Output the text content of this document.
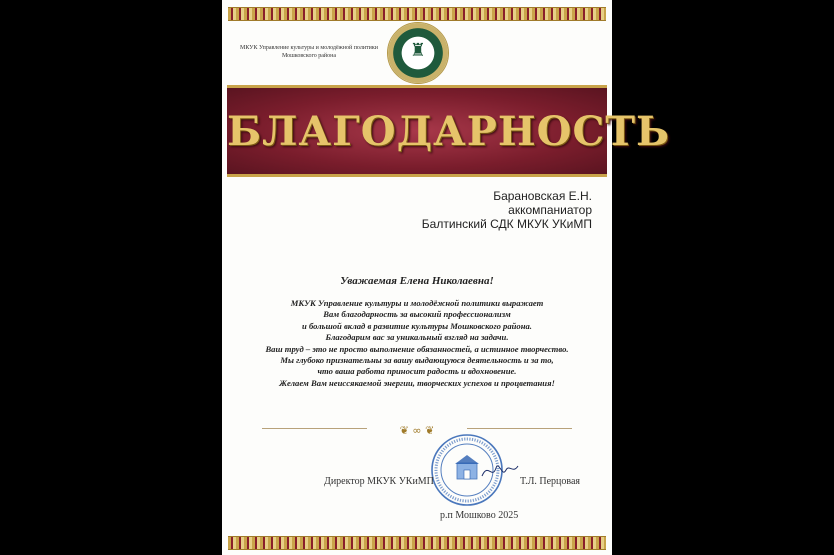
МКУК Управление культуры и молодёжной политики
Мошковского района	♜
БЛАГОДАРНОСТЬ
Барановская Е.Н.
аккомпаниатор
Балтинский СДК МКУК УКиМП
Уважаемая Елена Николаевна!
МКУК Управление культуры и молодёжной политики выражает
Вам благодарность за высокий профессионализм
и большой вклад в развитие культуры Мошковского района.
Благодарим вас за уникальный взгляд на задачи.
Ваш труд – это не просто выполнение обязанностей, а истинное творчество.
Мы глубоко признательны за вашу выдающуюся деятельность и за то,
что ваша работа приносит радость и вдохновение.
Желаем Вам неиссякаемой энергии, творческих успехов и процветания!
❦ ∞ ❦
Директор МКУК УКиМП	Т.Л. Перцовая
р.п Мошково 2025
